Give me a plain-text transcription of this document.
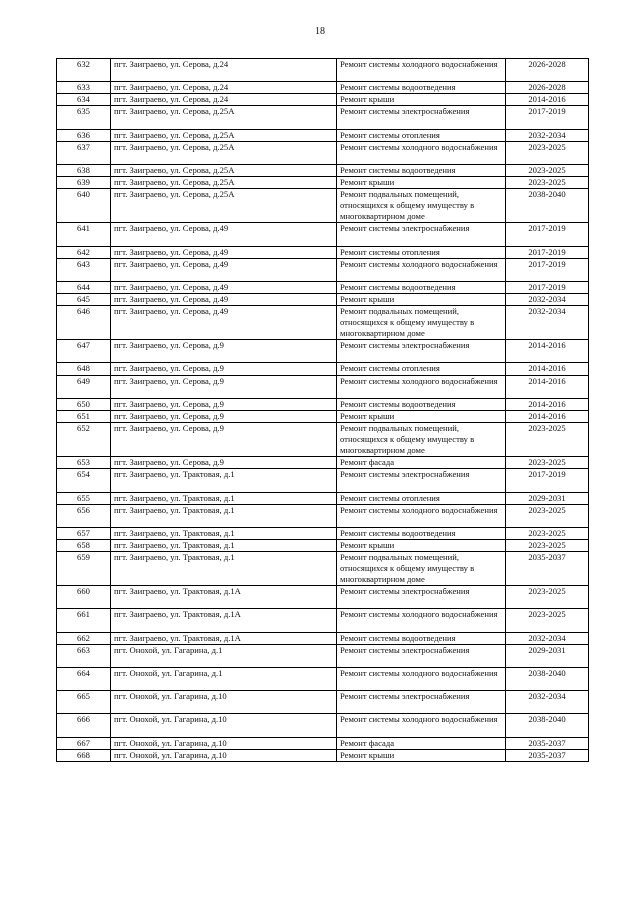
18
632	пгт. Заиграево, ул. Серова, д.24	Ремонт системы холодного водоснабжения	2026-2028
633	пгт. Заиграево, ул. Серова, д.24	Ремонт системы водоотведения	2026-2028
634	пгт. Заиграево, ул. Серова, д.24	Ремонт крыши	2014-2016
635	пгт. Заиграево, ул. Серова, д.25А	Ремонт системы электроснабжения	2017-2019
636	пгт. Заиграево, ул. Серова, д.25А	Ремонт системы отопления	2032-2034
637	пгт. Заиграево, ул. Серова, д.25А	Ремонт системы холодного водоснабжения	2023-2025
638	пгт. Заиграево, ул. Серова, д.25А	Ремонт системы водоотведения	2023-2025
639	пгт. Заиграево, ул. Серова, д.25А	Ремонт крыши	2023-2025
640	пгт. Заиграево, ул. Серова, д.25А	Ремонт подвальных помещений, относящихся к общему имуществу в многоквартирном доме	2038-2040
641	пгт. Заиграево, ул. Серова, д.49	Ремонт системы электроснабжения	2017-2019
642	пгт. Заиграево, ул. Серова, д.49	Ремонт системы отопления	2017-2019
643	пгт. Заиграево, ул. Серова, д.49	Ремонт системы холодного водоснабжения	2017-2019
644	пгт. Заиграево, ул. Серова, д.49	Ремонт системы водоотведения	2017-2019
645	пгт. Заиграево, ул. Серова, д.49	Ремонт крыши	2032-2034
646	пгт. Заиграево, ул. Серова, д.49	Ремонт подвальных помещений, относящихся к общему имуществу в многоквартирном доме	2032-2034
647	пгт. Заиграево, ул. Серова, д.9	Ремонт системы электроснабжения	2014-2016
648	пгт. Заиграево, ул. Серова, д.9	Ремонт системы отопления	2014-2016
649	пгт. Заиграево, ул. Серова, д.9	Ремонт системы холодного водоснабжения	2014-2016
650	пгт. Заиграево, ул. Серова, д.9	Ремонт системы водоотведения	2014-2016
651	пгт. Заиграево, ул. Серова, д.9	Ремонт крыши	2014-2016
652	пгт. Заиграево, ул. Серова, д.9	Ремонт подвальных помещений, относящихся к общему имуществу в многоквартирном доме	2023-2025
653	пгт. Заиграево, ул. Серова, д.9	Ремонт фасада	2023-2025
654	пгт. Заиграево, ул. Трактовая, д.1	Ремонт системы электроснабжения	2017-2019
655	пгт. Заиграево, ул. Трактовая, д.1	Ремонт системы отопления	2029-2031
656	пгт. Заиграево, ул. Трактовая, д.1	Ремонт системы холодного водоснабжения	2023-2025
657	пгт. Заиграево, ул. Трактовая, д.1	Ремонт системы водоотведения	2023-2025
658	пгт. Заиграево, ул. Трактовая, д.1	Ремонт крыши	2023-2025
659	пгт. Заиграево, ул. Трактовая, д.1	Ремонт подвальных помещений, относящихся к общему имуществу в многоквартирном доме	2035-2037
660	пгт. Заиграево, ул. Трактовая, д.1А	Ремонт системы электроснабжения	2023-2025
661	пгт. Заиграево, ул. Трактовая, д.1А	Ремонт системы холодного водоснабжения	2023-2025
662	пгт. Заиграево, ул. Трактовая, д.1А	Ремонт системы водоотведения	2032-2034
663	пгт. Онохой, ул. Гагарина, д.1	Ремонт системы электроснабжения	2029-2031
664	пгт. Онохой, ул. Гагарина, д.1	Ремонт системы холодного водоснабжения	2038-2040
665	пгт. Онохой, ул. Гагарина, д.10	Ремонт системы электроснабжения	2032-2034
666	пгт. Онохой, ул. Гагарина, д.10	Ремонт системы холодного водоснабжения	2038-2040
667	пгт. Онохой, ул. Гагарина, д.10	Ремонт фасада	2035-2037
668	пгт. Онохой, ул. Гагарина, д.10	Ремонт крыши	2035-2037
